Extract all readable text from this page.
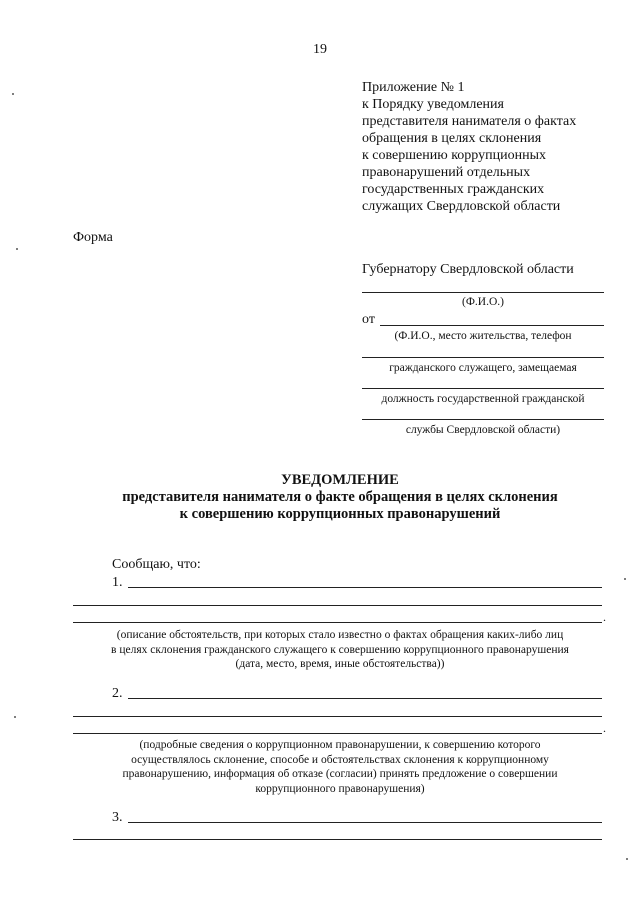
19
Приложение № 1
к Порядку уведомления
представителя нанимателя о фактах
обращения в целях склонения
к совершению коррупционных
правонарушений отдельных
государственных гражданских
служащих Свердловской области
Форма
Губернатору Свердловской области
(Ф.И.О.)
от
(Ф.И.О., место жительства, телефон
гражданского служащего, замещаемая
должность государственной гражданской
службы Свердловской области)
УВЕДОМЛЕНИЕ
представителя нанимателя о факте обращения в целях склонения
к совершению коррупционных правонарушений
Сообщаю, что:
1.
.
(описание обстоятельств, при которых стало известно о фактах обращения каких-либо лиц
в целях склонения гражданского служащего к совершению коррупционного правонарушения
(дата, место, время, иные обстоятельства))
2.
.
(подробные сведения о коррупционном правонарушении, к совершению которого
осуществлялось склонение, способе и обстоятельствах склонения к коррупционному
правонарушению, информация об отказе (согласии) принять предложение о совершении
коррупционного правонарушения)
3.
